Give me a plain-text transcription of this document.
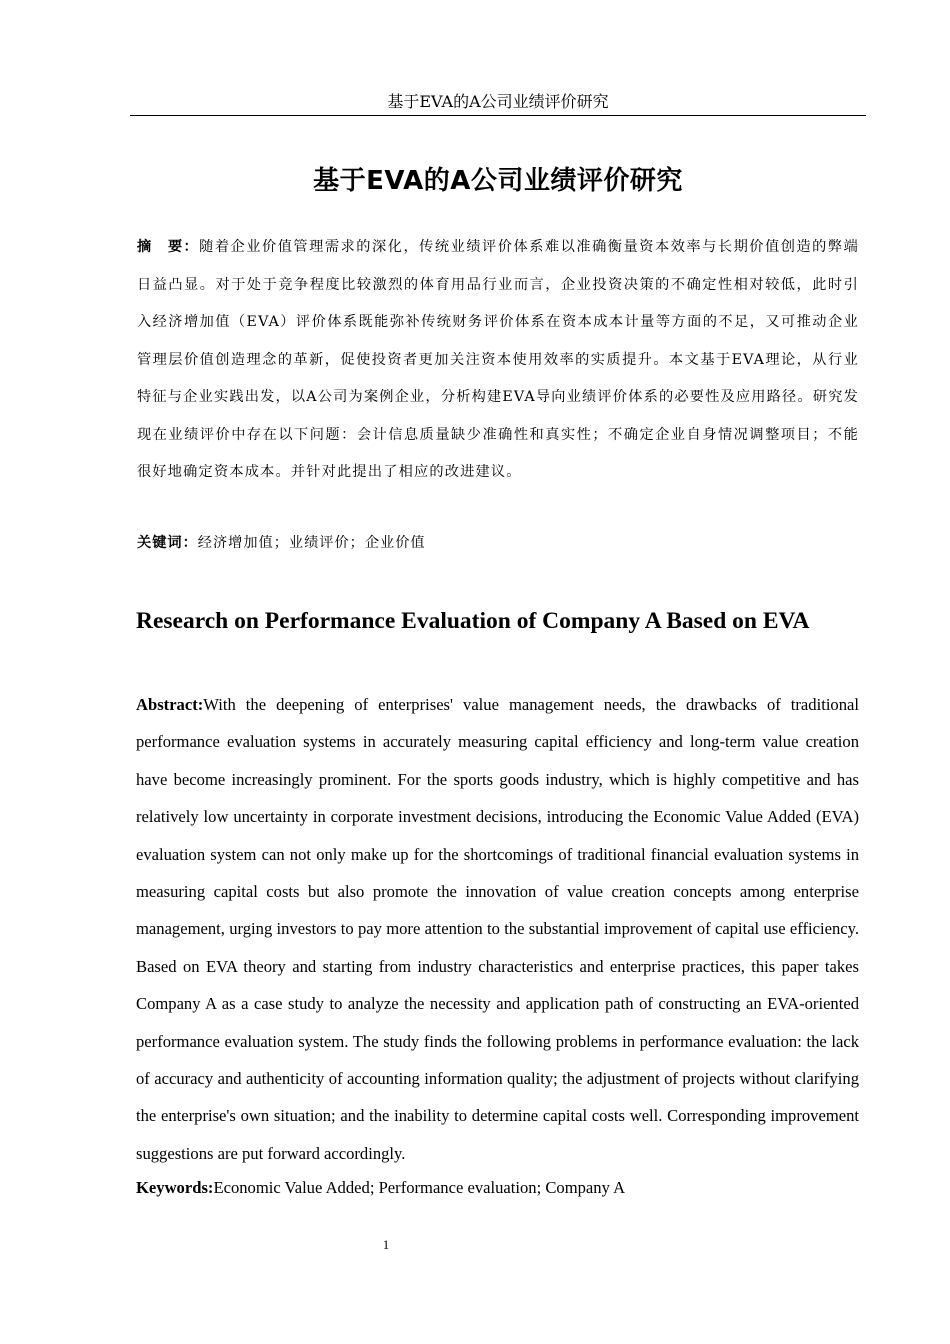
基于EVA的A公司业绩评价研究
基于EVA的A公司业绩评价研究

摘　要：随着企业价值管理需求的深化，传统业绩评价体系难以准确衡量资本效率与长期价值创造的弊端日益凸显。对于处于竞争程度比较激烈的体育用品行业而言，企业投资决策的不确定性相对较低，此时引入经济增加值（EVA）评价体系既能弥补传统财务评价体系在资本成本计量等方面的不足，又可推动企业管理层价值创造理念的革新，促使投资者更加关注资本使用效率的实质提升。本文基于EVA理论，从行业特征与企业实践出发，以A公司为案例企业，分析构建EVA导向业绩评价体系的必要性及应用路径。研究发现在业绩评价中存在以下问题：会计信息质量缺少准确性和真实性；不确定企业自身情况调整项目；不能很好地确定资本成本。并针对此提出了相应的改进建议。

关键词：经济增加值；业绩评价；企业价值

Research on Performance Evaluation of Company A Based on EVA

Abstract:With the deepening of enterprises' value management needs, the drawbacks of traditional performance evaluation systems in accurately measuring capital efficiency and long-term value creation have become increasingly prominent. For the sports goods industry, which is highly competitive and has relatively low uncertainty in corporate investment decisions, introducing the Economic Value Added (EVA) evaluation system can not only make up for the shortcomings of traditional financial evaluation systems in measuring capital costs but also promote the innovation of value creation concepts among enterprise management, urging investors to pay more attention to the substantial improvement of capital use efficiency. Based on EVA theory and starting from industry characteristics and enterprise practices, this paper takes Company A as a case study to analyze the necessity and application path of constructing an EVA-oriented performance evaluation system. The study finds the following problems in performance evaluation: the lack of accuracy and authenticity of accounting information quality; the adjustment of projects without clarifying the enterprise's own situation; and the inability to determine capital costs well. Corresponding improvement suggestions are put forward accordingly.

Keywords:Economic Value Added; Performance evaluation; Company A

1
